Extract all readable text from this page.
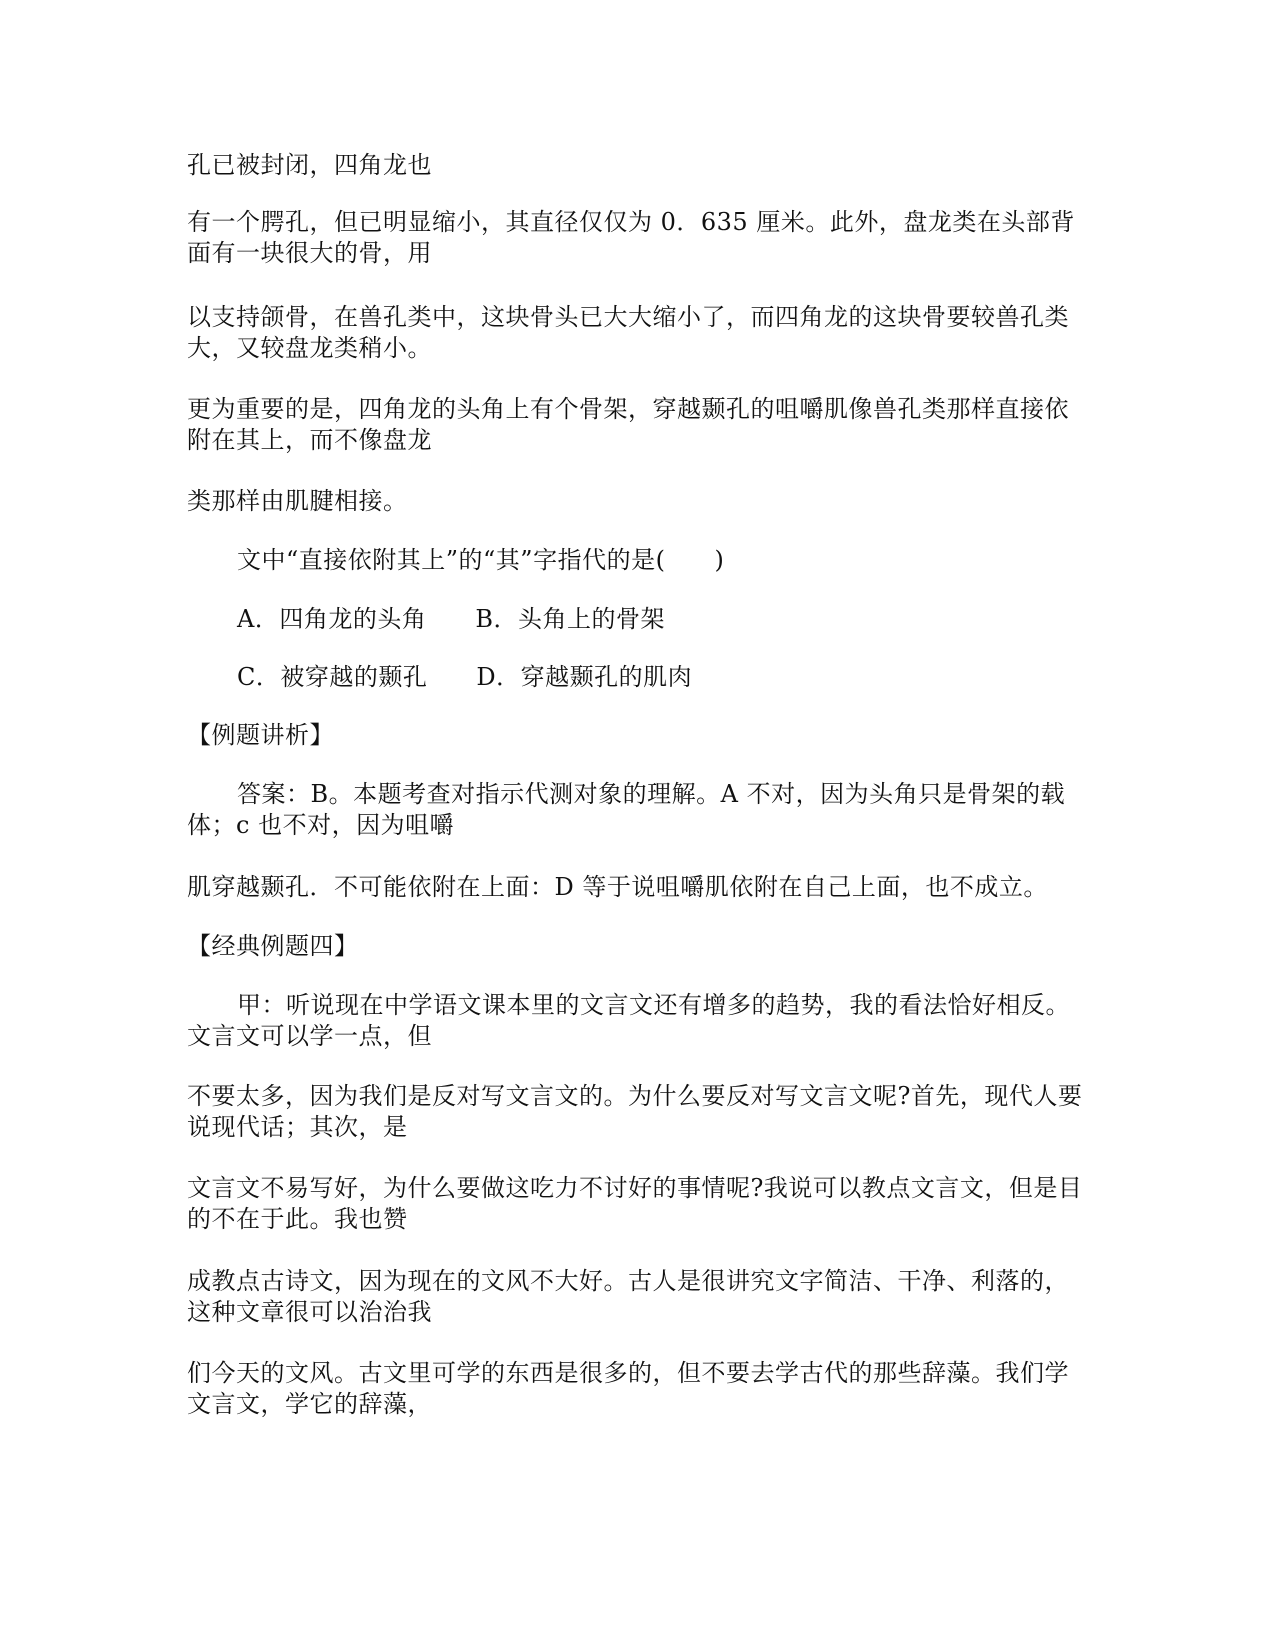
孔已被封闭，四角龙也
有一个腭孔，但已明显缩小，其直径仅仅为 0．635 厘米。此外，盘龙类在头部背面有一块很大的骨，用
以支持颌骨，在兽孔类中，这块骨头已大大缩小了，而四角龙的这块骨要较兽孔类大，又较盘龙类稍小。
更为重要的是，四角龙的头角上有个骨架，穿越颞孔的咀嚼肌像兽孔类那样直接依附在其上，而不像盘龙
类那样由肌腱相接。
文中“直接依附其上”的“其”字指代的是(　　)
A．四角龙的头角　　B．头角上的骨架
C．被穿越的颞孔　　D．穿越颞孔的肌肉
【例题讲析】
答案：B。本题考查对指示代测对象的理解。A 不对，因为头角只是骨架的载体；c 也不对，因为咀嚼
肌穿越颞孔．不可能依附在上面：D 等于说咀嚼肌依附在自己上面，也不成立。
【经典例题四】
甲：听说现在中学语文课本里的文言文还有增多的趋势，我的看法恰好相反。文言文可以学一点，但
不要太多，因为我们是反对写文言文的。为什么要反对写文言文呢?首先，现代人要说现代话；其次，是
文言文不易写好，为什么要做这吃力不讨好的事情呢?我说可以教点文言文，但是目的不在于此。我也赞
成教点古诗文，因为现在的文风不大好。古人是很讲究文字简洁、干净、利落的，这种文章很可以治治我
们今天的文风。古文里可学的东西是很多的，但不要去学古代的那些辞藻。我们学文言文，学它的辞藻，
